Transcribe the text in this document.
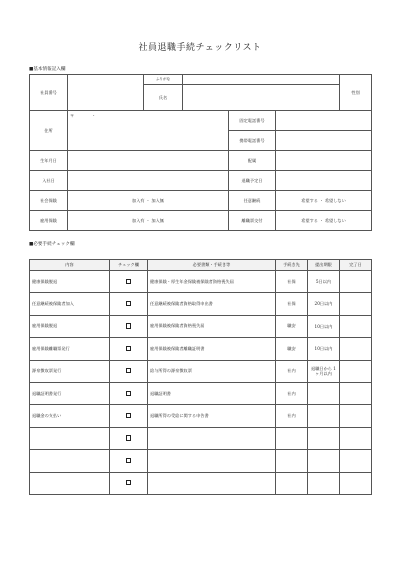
社員退職手続チェックリスト
■基本情報記入欄
社員番号		ふりがな				性別
		氏名				
住所	〒 -			固定電話番号		
				携帯電話番号		
生年月日				配属		
入社日				退職予定日		
社会保険	加入有 ・ 加入無			任意継続	希望する ・ 希望しない	
雇用保険	加入有 ・ 加入無			離職票交付	希望する ・ 希望しない	
■必要手続チェック欄
内容	チェック欄	必要書類・手続き等	手続き先	提出期限	完了日
健康保険脱退		健康保険・厚生年金保険被保険者資格喪失届	社保	5日以内	
任意継続被保険者加入		任意継続被保険者資格取得申出書	社保	20日以内	
雇用保険脱退		雇用保険被保険者資格喪失届	職安	10日以内	
雇用保険離職票発行		雇用保険被保険者離職証明書	職安	10日以内	
源泉徴収票発行		給与所得の源泉徴収票	社内	退職日から 1ヶ月以内	
退職証明書発行		退職証明書	社内		
退職金の支払い		退職所得の受給に関する申告書	社内		
